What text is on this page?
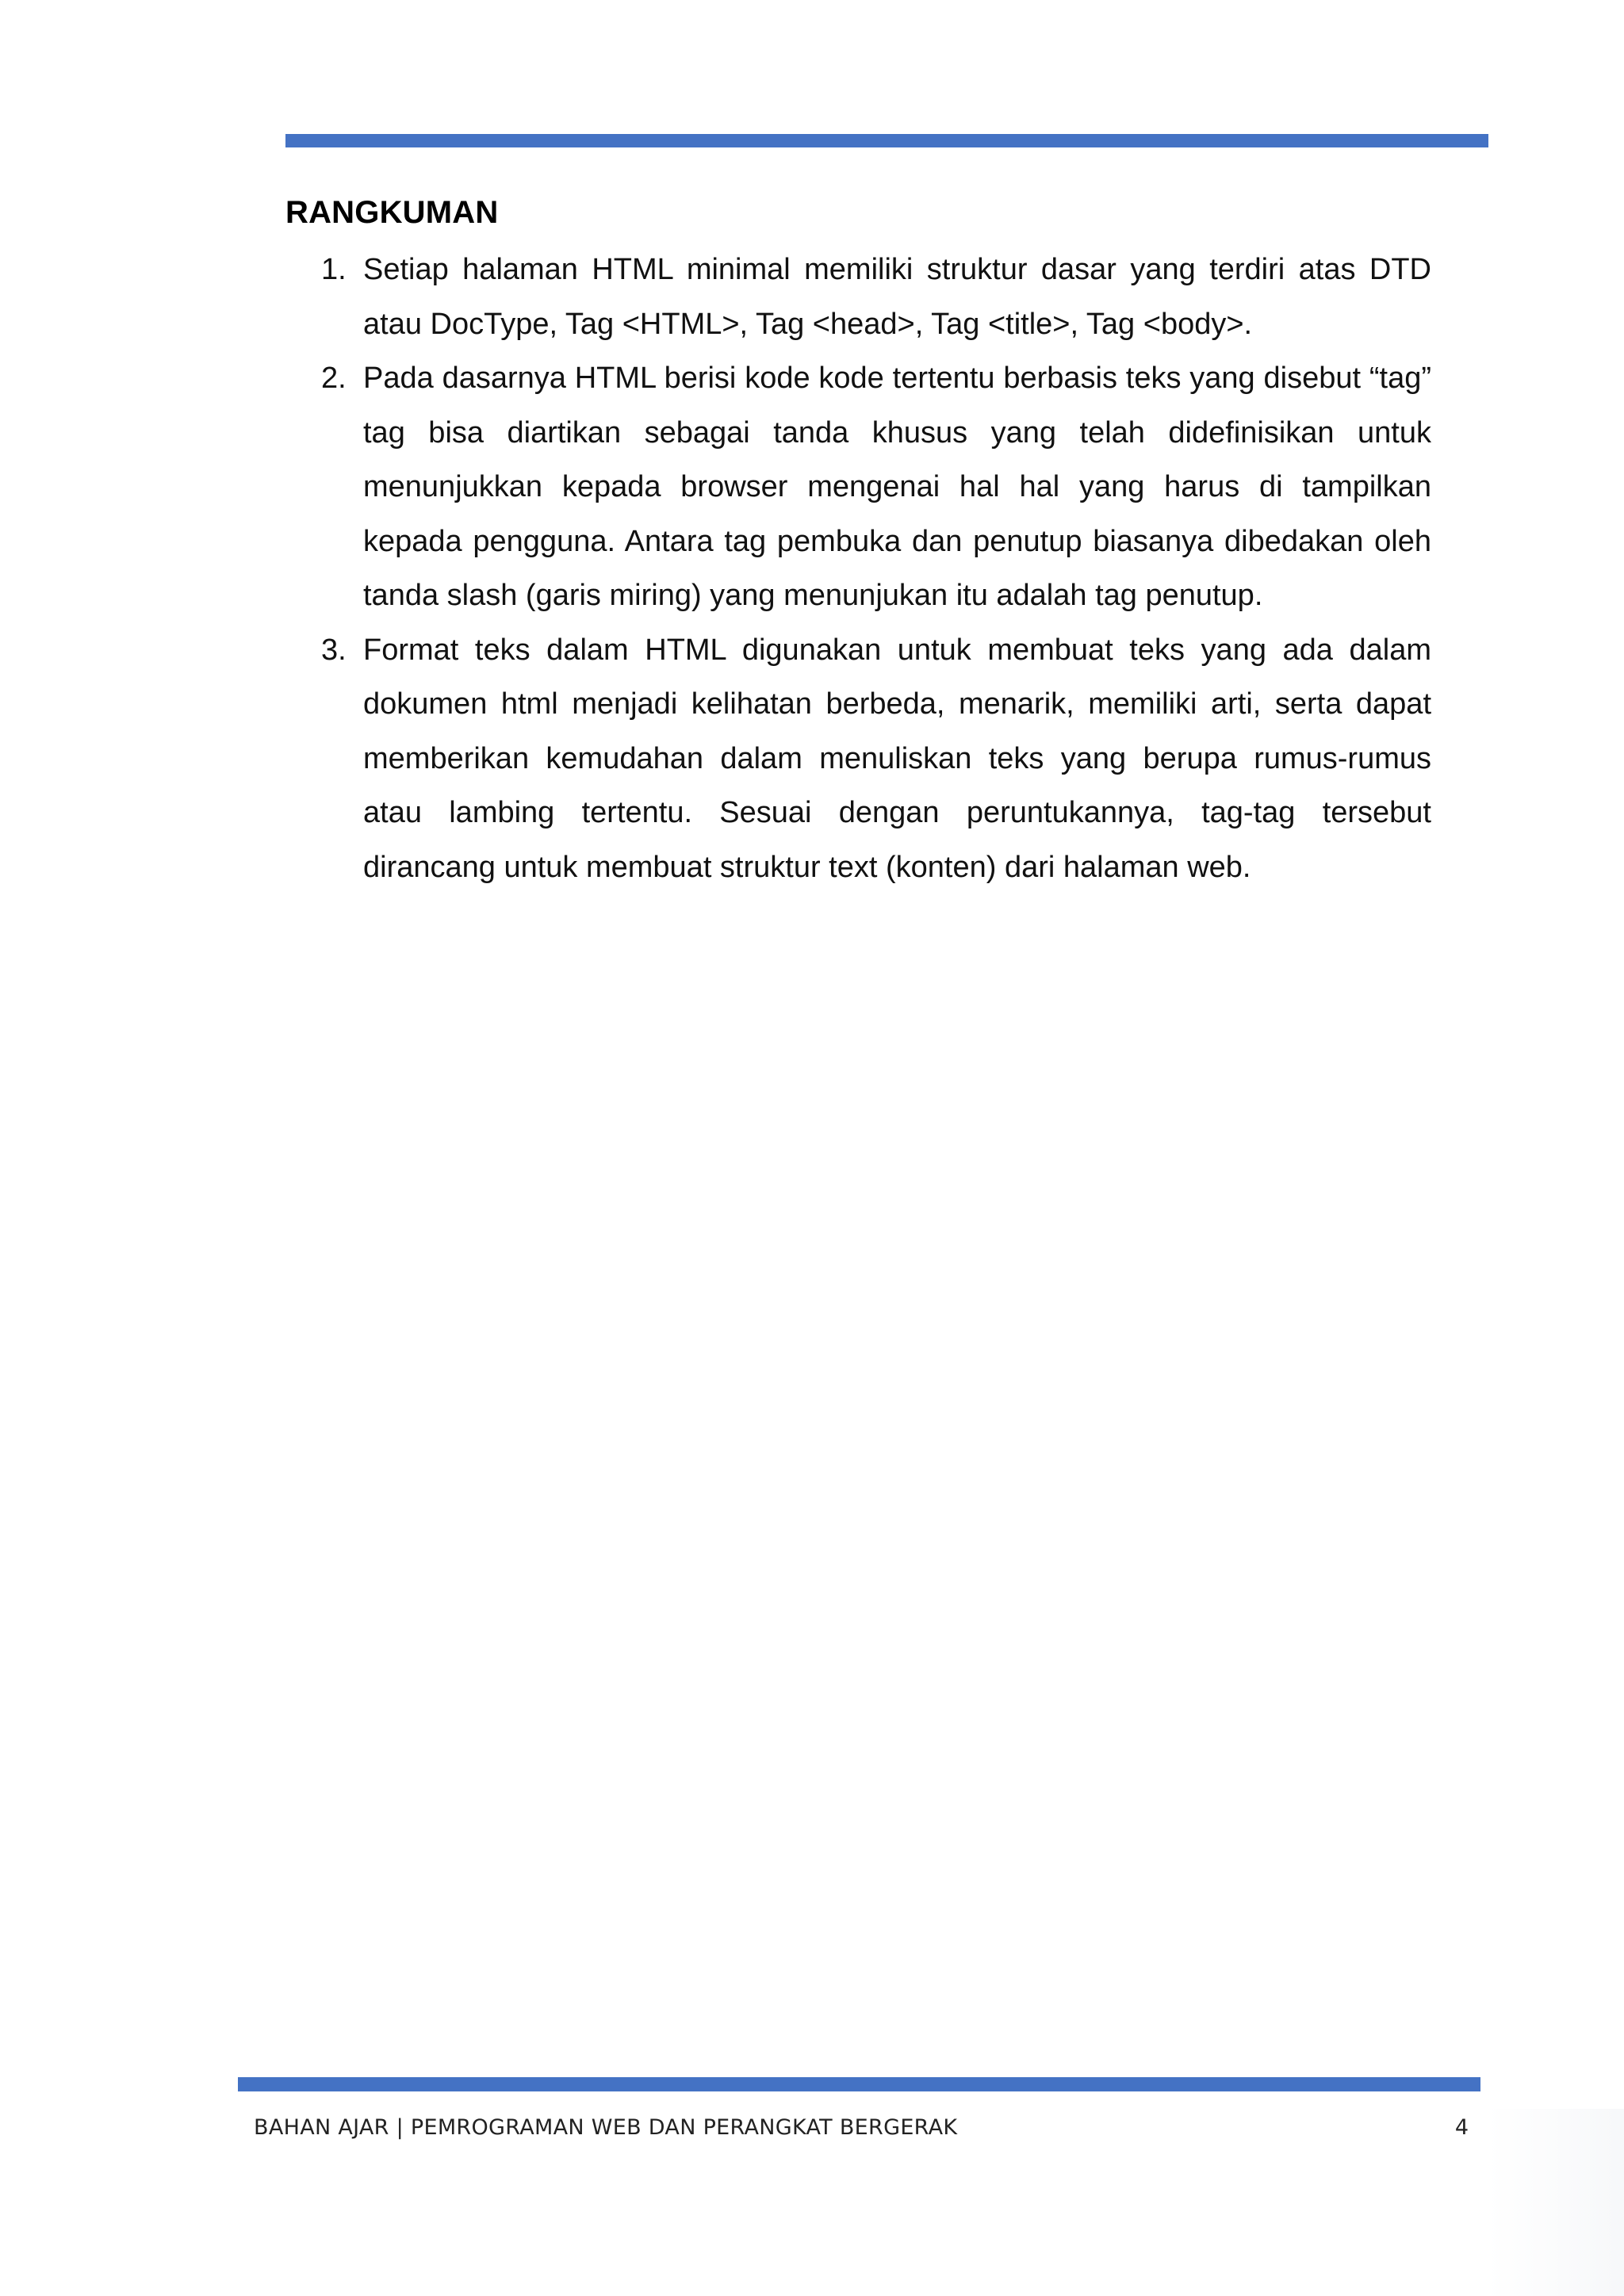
RANGKUMAN
1. Setiap halaman HTML minimal memiliki struktur dasar yang terdiri atas DTD atau DocType, Tag <HTML>, Tag <head>, Tag <title>, Tag <body>.
2. Pada dasarnya HTML berisi kode kode tertentu berbasis teks yang disebut “tag” tag bisa diartikan sebagai tanda khusus yang telah didefinisikan untuk menunjukkan kepada browser mengenai hal hal yang harus di tampilkan kepada pengguna. Antara tag pembuka dan penutup biasanya dibedakan oleh tanda slash (garis miring) yang menunjukan itu adalah tag penutup.
3. Format teks dalam HTML digunakan untuk membuat teks yang ada dalam dokumen html menjadi kelihatan berbeda, menarik, memiliki arti, serta dapat memberikan kemudahan dalam menuliskan teks yang berupa rumus-rumus atau lambing tertentu. Sesuai dengan peruntukannya, tag-tag tersebut dirancang untuk membuat struktur text (konten) dari halaman web.
BAHAN AJAR | PEMROGRAMAN WEB DAN PERANGKAT BERGERAK	4
